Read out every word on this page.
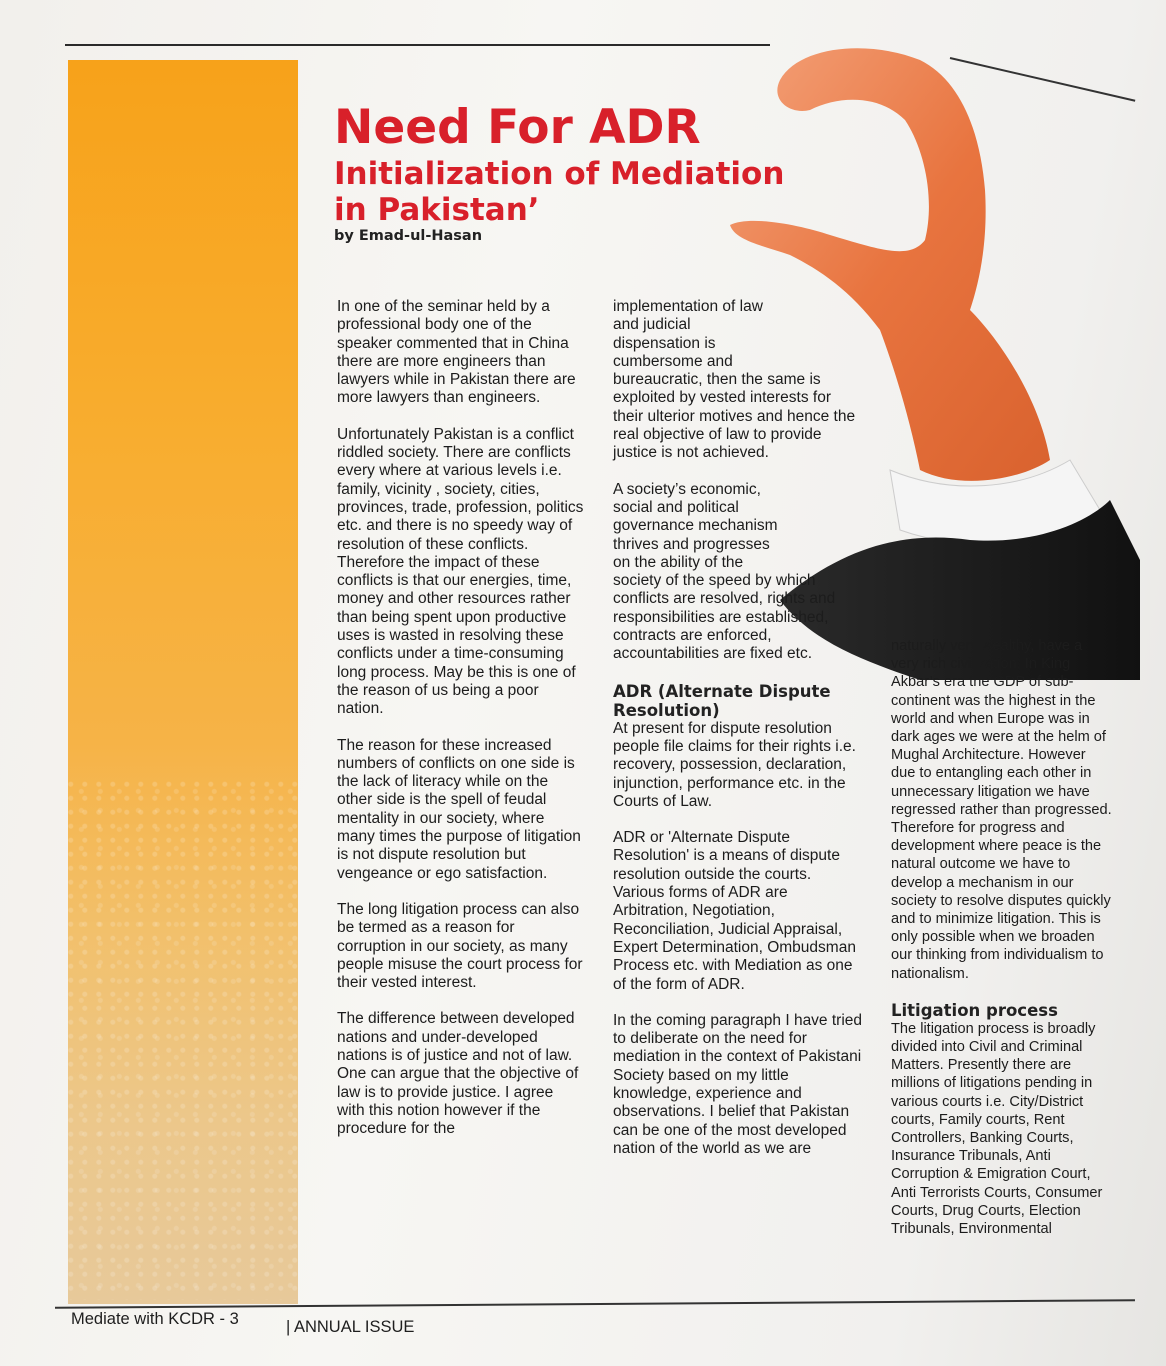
Need For ADR

Initialization of Mediation

in Pakistan’

by Emad-ul-Hasan

In one of the seminar held by a professional body one of the speaker commented that in China there are more engineers than lawyers while in Pakistan there are more lawyers than engineers.

Unfortunately Pakistan is a conflict riddled society. There are conflicts every where at various levels i.e. family, vicinity , society, cities, provinces, trade, profession, politics etc. and there is no speedy way of resolution of these conflicts. Therefore the impact of these conflicts is that our energies, time, money and other resources rather than being spent upon productive uses is wasted in resolving these conflicts under a time-consuming long process. May be this is one of the reason of us being a poor nation.

The reason for these increased numbers of conflicts on one side is the lack of literacy while on the other side is the spell of feudal mentality in our society, where many times the purpose of litigation is not dispute resolution but vengeance or ego satisfaction.

The long litigation process can also be termed as a reason for corruption in our society, as many people misuse the court process for their vested interest.

The difference between developed nations and under-developed nations is of justice and not of law. One can argue that the objective of law is to provide justice. I agree with this notion however if the procedure for the

implementation of law and judicial dispensation is cumbersome and

bureaucratic, then the same is exploited by vested interests for their ulterior motives and hence the real objective of law to provide justice is not achieved.

A society’s economic, social and political

governance mechanism thrives and progresses on the ability of the

society of the speed by which conflicts are resolved, rights and responsibilities are established, contracts are enforced, accountabilities are fixed etc.

ADR (Alternate Dispute Resolution)

At present for dispute resolution people file claims for their rights i.e. recovery, possession, declaration, injunction, performance etc. in the Courts of Law.

ADR or 'Alternate Dispute Resolution' is a means of dispute resolution outside the courts. Various forms of ADR are Arbitration, Negotiation, Reconciliation, Judicial Appraisal, Expert Determination, Ombudsman Process etc. with Mediation as one of the form of ADR.

In the coming paragraph I have tried to deliberate on the need for mediation in the context of Pakistani Society based on my little knowledge, experience and observations. I belief that Pakistan can be one of the most developed nation of the world as we are

naturally very wealthy, have a very rich civilization. In King Akbar’s era the GDP of sub-continent was the highest in the world and when Europe was in dark ages we were at the helm of Mughal Architecture. However due to entangling each other in unnecessary litigation we have regressed rather than progressed. Therefore for progress and development where peace is the natural outcome we have to develop a mechanism in our society to resolve disputes quickly and to minimize litigation. This is only possible when we broaden our thinking from individualism to nationalism.

Litigation process

The litigation process is broadly divided into Civil and Criminal Matters. Presently there are millions of litigations pending in various courts i.e. City/District courts, Family courts, Rent Controllers, Banking Courts, Insurance Tribunals, Anti Corruption & Emigration Court, Anti Terrorists Courts, Consumer Courts, Drug Courts, Election Tribunals, Environmental

Mediate with KCDR - 3	| ANNUAL ISSUE
